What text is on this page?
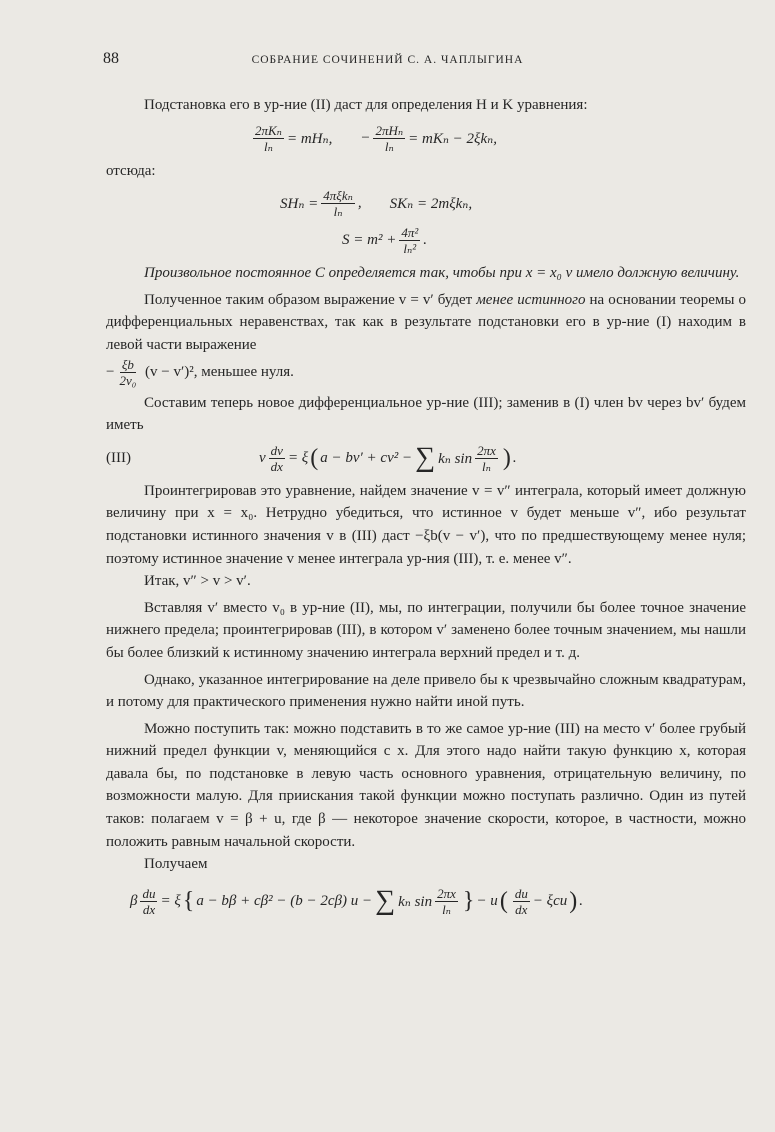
88	СОБРАНИЕ СОЧИНЕНИЙ С. А. ЧАПЛЫГИНА

Подстановка его в ур-ние (II) даст для определения H и K уравнения:

$\frac{\text{2πKₙ}}{\text{lₙ}} = mH_n$, − $\frac{\text{2πHₙ}}{\text{lₙ}} = mK_n - 2\xi k_n$,

отсюда:

$SH_n = \frac{\text{4πξkₙ}}{\text{lₙ}}$ , SKₙ = 2mξkₙ,
$S = m^2 + \frac{\text{4π²}}{\text{lₙ²}}$ .

Произвольное постоянное C определяется так, чтобы при x = x₀ v имело должную величину.

Полученное таким образом выражение v = v′ будет менее истинного на основании теоремы о дифференциальных неравенствах, так как в результате подстановки его в ур-ние (I) находим в левой части выражение
− $\frac{\xi b}{\text{2v₀}} (v - v')^2$, меньшее нуля.

Составим теперь новое дифференциальное ур-ние (III); заменив в (I) член bv через bv′ будем иметь

(III)	v $\frac{dv}{dx} = \xi$ ( a − bv′ + cv² − ∑ kₙ $\sin \frac{2\pi x}{\text{lₙ}}$ ) .

Проинтегрировав это уравнение, найдем значение v = v″ интеграла, который имеет должную величину при x = x₀. Нетрудно убедиться, что истинное v будет меньше v″, ибо результат подстановки истинного значения v в (III) даст −ξb(v − v′), что по предшествующему менее нуля; поэтому истинное значение v менее интеграла ур-ния (III), т. е. менее v″.

Итак, v″ > v > v′.

Вставляя v′ вместо v₀ в ур-ние (II), мы, по интеграции, получили бы более точное значение нижнего предела; проинтегрировав (III), в котором v′ заменено более точным значением, мы нашли бы более близкий к истинному значению интеграла верхний предел и т. д.

Однако, указанное интегрирование на деле привело бы к чрезвычайно сложным квадратурам, и потому для практического применения нужно найти иной путь.

Можно поступить так: можно подставить в то же самое ур-ние (III) на место v′ более грубый нижний предел функции v, меняющийся с x. Для этого надо найти такую функцию x, которая давала бы, по подстановке в левую часть основного уравнения, отрицательную величину, по возможности малую. Для приискания такой функции можно поступать различно. Один из путей таков: полагаем v = β + u, где β — некоторое значение скорости, которое, в частности, можно положить равным начальной скорости.

Получаем

β $\frac{du}{dx} = \xi$ { a − bβ + cβ² − (b − 2cβ) u − ∑ kₙ $\sin \frac{2\pi x}{\text{lₙ}}$ } − u ( $\frac{du}{dx} - \xi cu$ ) .
